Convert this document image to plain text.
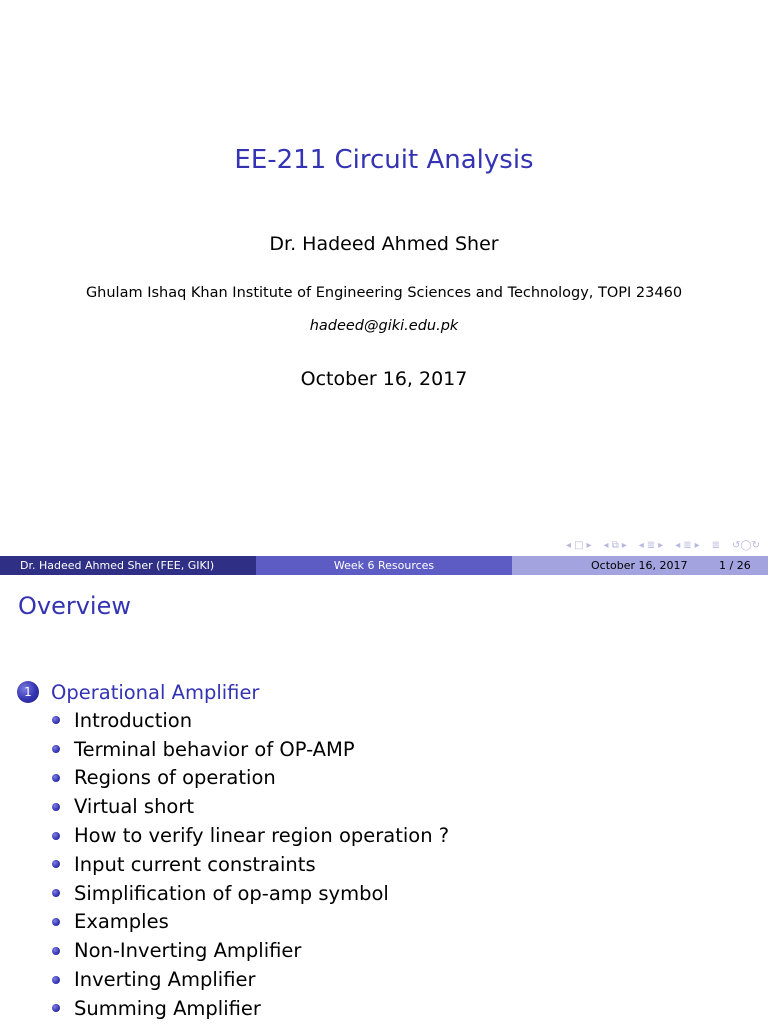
EE-211 Circuit Analysis
Dr. Hadeed Ahmed Sher
Ghulam Ishaq Khan Institute of Engineering Sciences and Technology, TOPI 23460
hadeed@giki.edu.pk
October 16, 2017
◂ □ ▸ ◂ ⧉ ▸ ◂ ≣ ▸ ◂ ≣ ▸ ≣ ↺◯↻
Dr. Hadeed Ahmed Sher (FEE, GIKI)	Week 6 Resources	October 16, 2017	1 / 26
Overview
1 Operational Amplifier
Introduction
Terminal behavior of OP-AMP
Regions of operation
Virtual short
How to verify linear region operation ?
Input current constraints
Simplification of op-amp symbol
Examples
Non-Inverting Amplifier
Inverting Amplifier
Summing Amplifier
